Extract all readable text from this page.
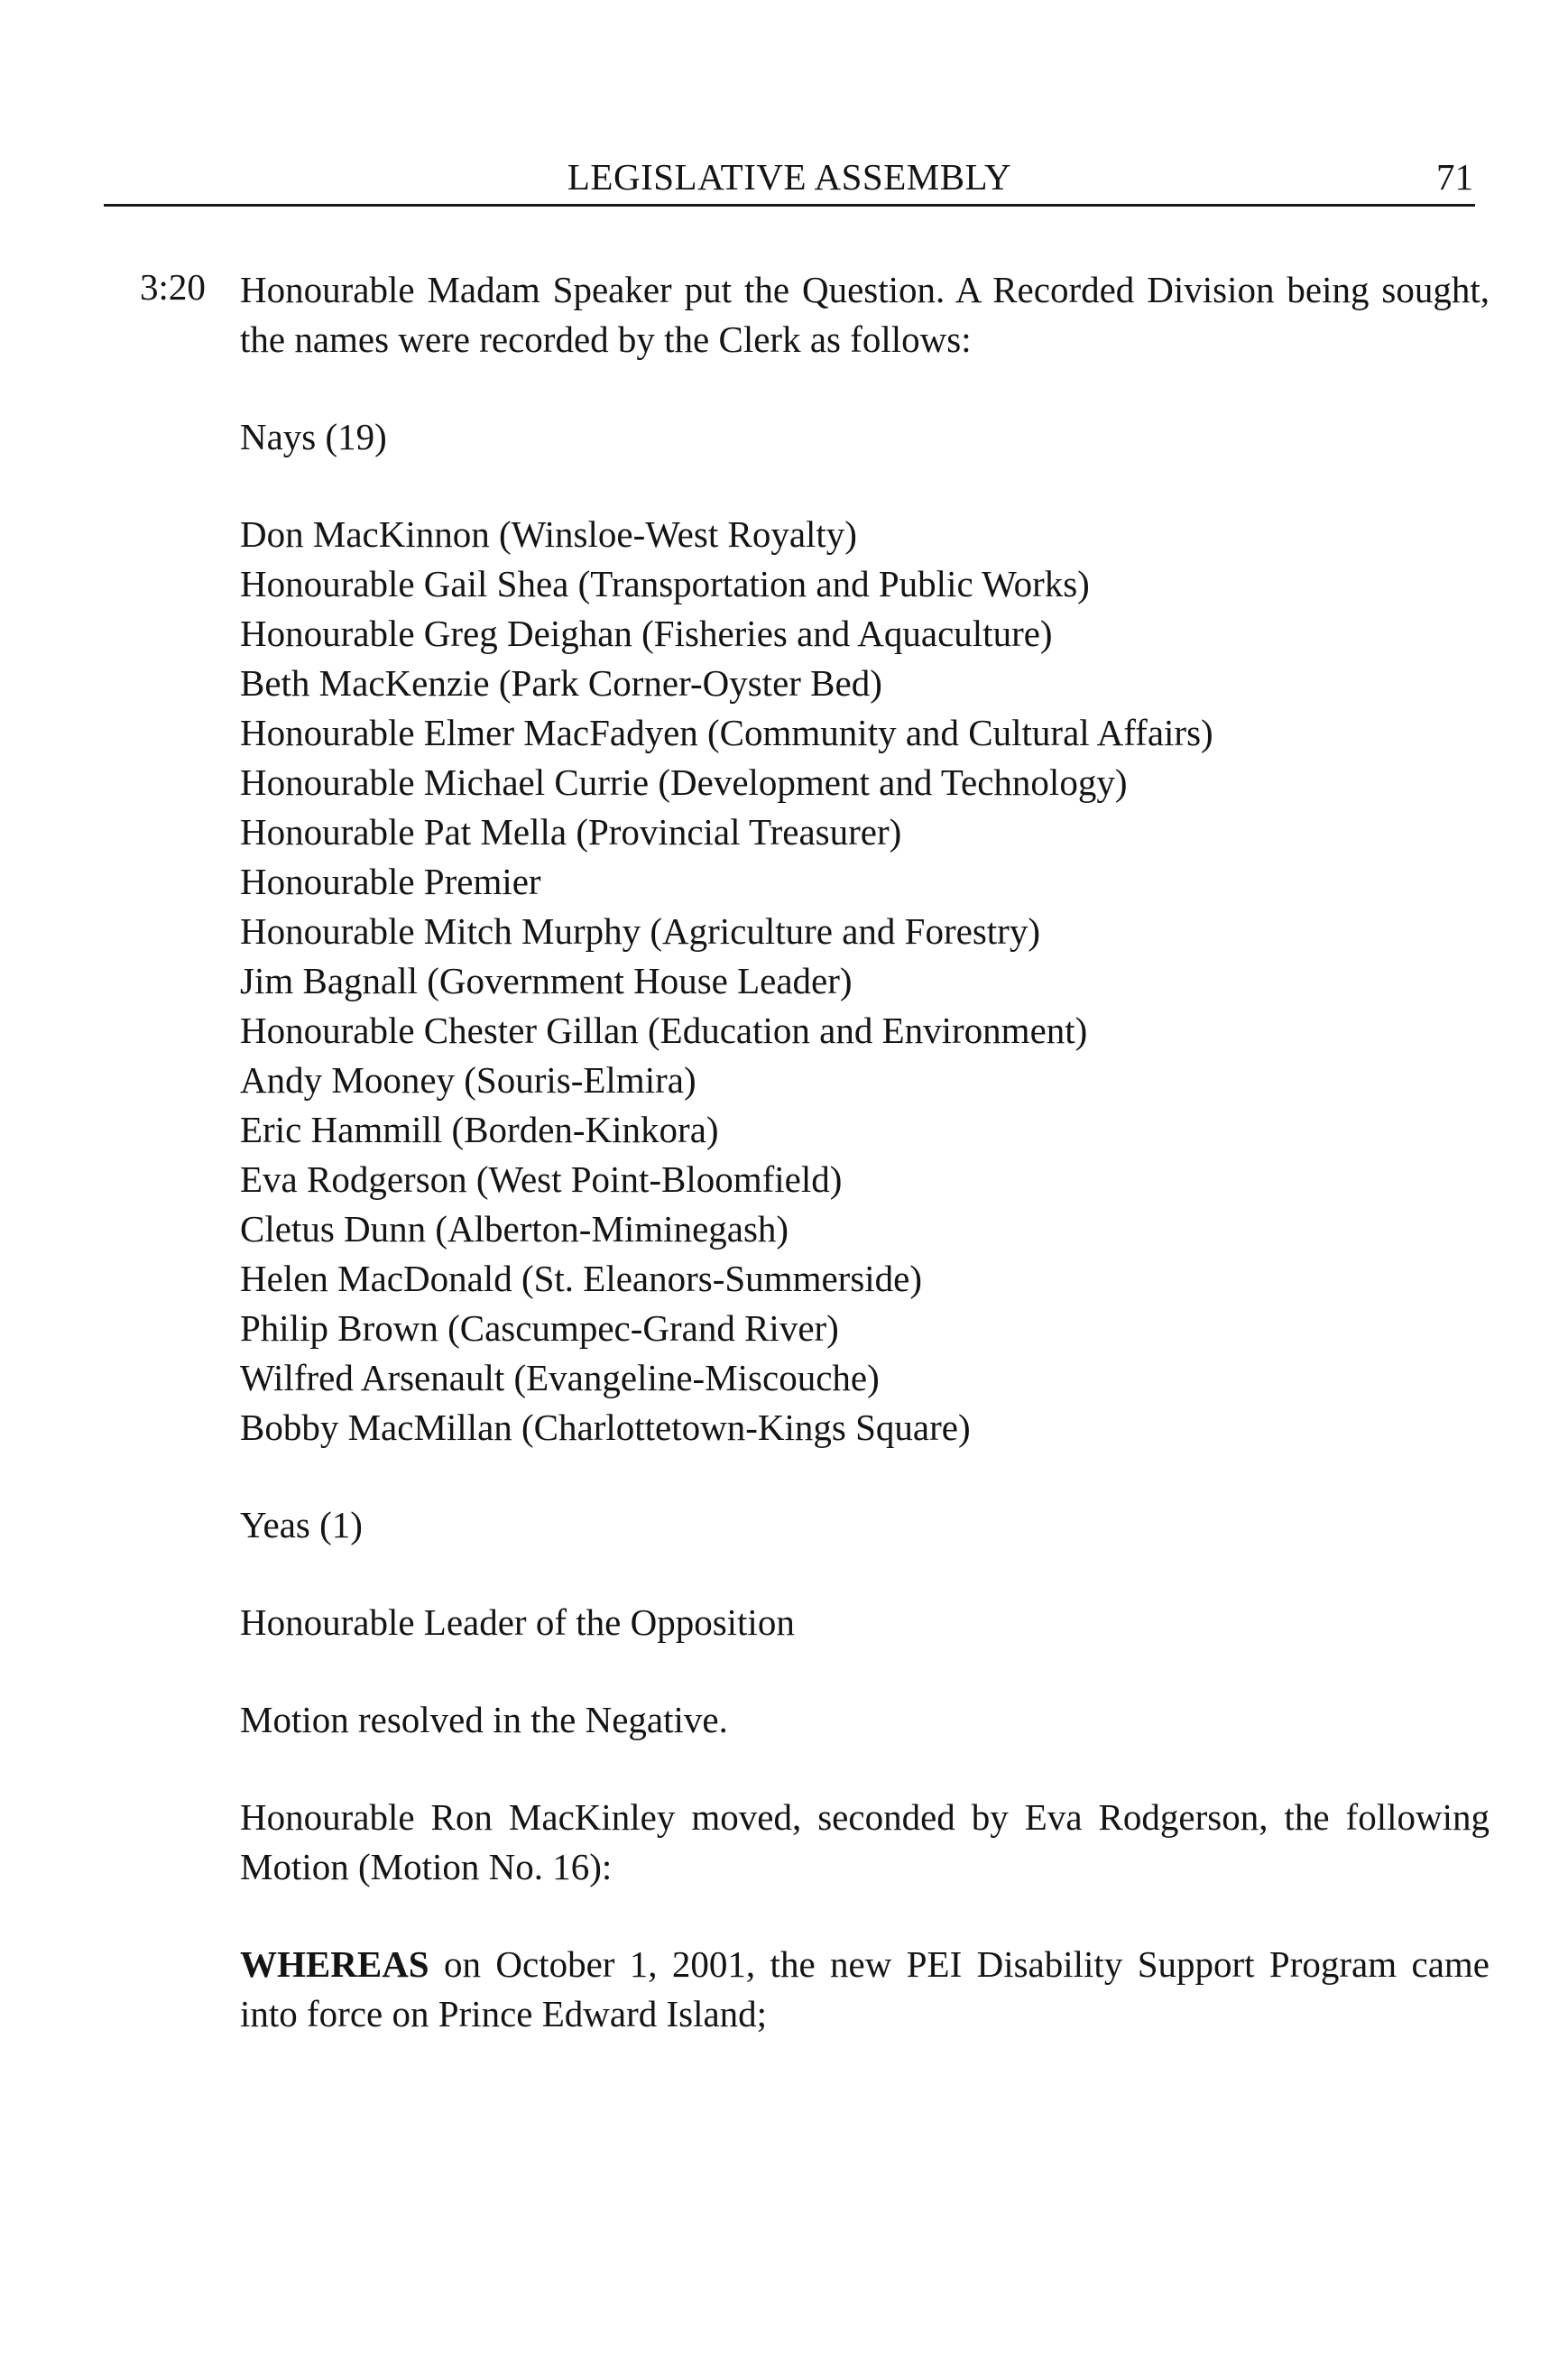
LEGISLATIVE ASSEMBLY	71
3:20 Honourable Madam Speaker put the Question. A Recorded Division being sought, the names were recorded by the Clerk as follows:

Nays (19)

Don MacKinnon (Winsloe-West Royalty)
Honourable Gail Shea (Transportation and Public Works)
Honourable Greg Deighan (Fisheries and Aquaculture)
Beth MacKenzie (Park Corner-Oyster Bed)
Honourable Elmer MacFadyen (Community and Cultural Affairs)
Honourable Michael Currie (Development and Technology)
Honourable Pat Mella (Provincial Treasurer)
Honourable Premier
Honourable Mitch Murphy (Agriculture and Forestry)
Jim Bagnall (Government House Leader)
Honourable Chester Gillan (Education and Environment)
Andy Mooney (Souris-Elmira)
Eric Hammill (Borden-Kinkora)
Eva Rodgerson (West Point-Bloomfield)
Cletus Dunn (Alberton-Miminegash)
Helen MacDonald (St. Eleanors-Summerside)
Philip Brown (Cascumpec-Grand River)
Wilfred Arsenault (Evangeline-Miscouche)
Bobby MacMillan (Charlottetown-Kings Square)

Yeas (1)

Honourable Leader of the Opposition

Motion resolved in the Negative.

Honourable Ron MacKinley moved, seconded by Eva Rodgerson, the following Motion (Motion No. 16):

WHEREAS on October 1, 2001, the new PEI Disability Support Program came into force on Prince Edward Island;
